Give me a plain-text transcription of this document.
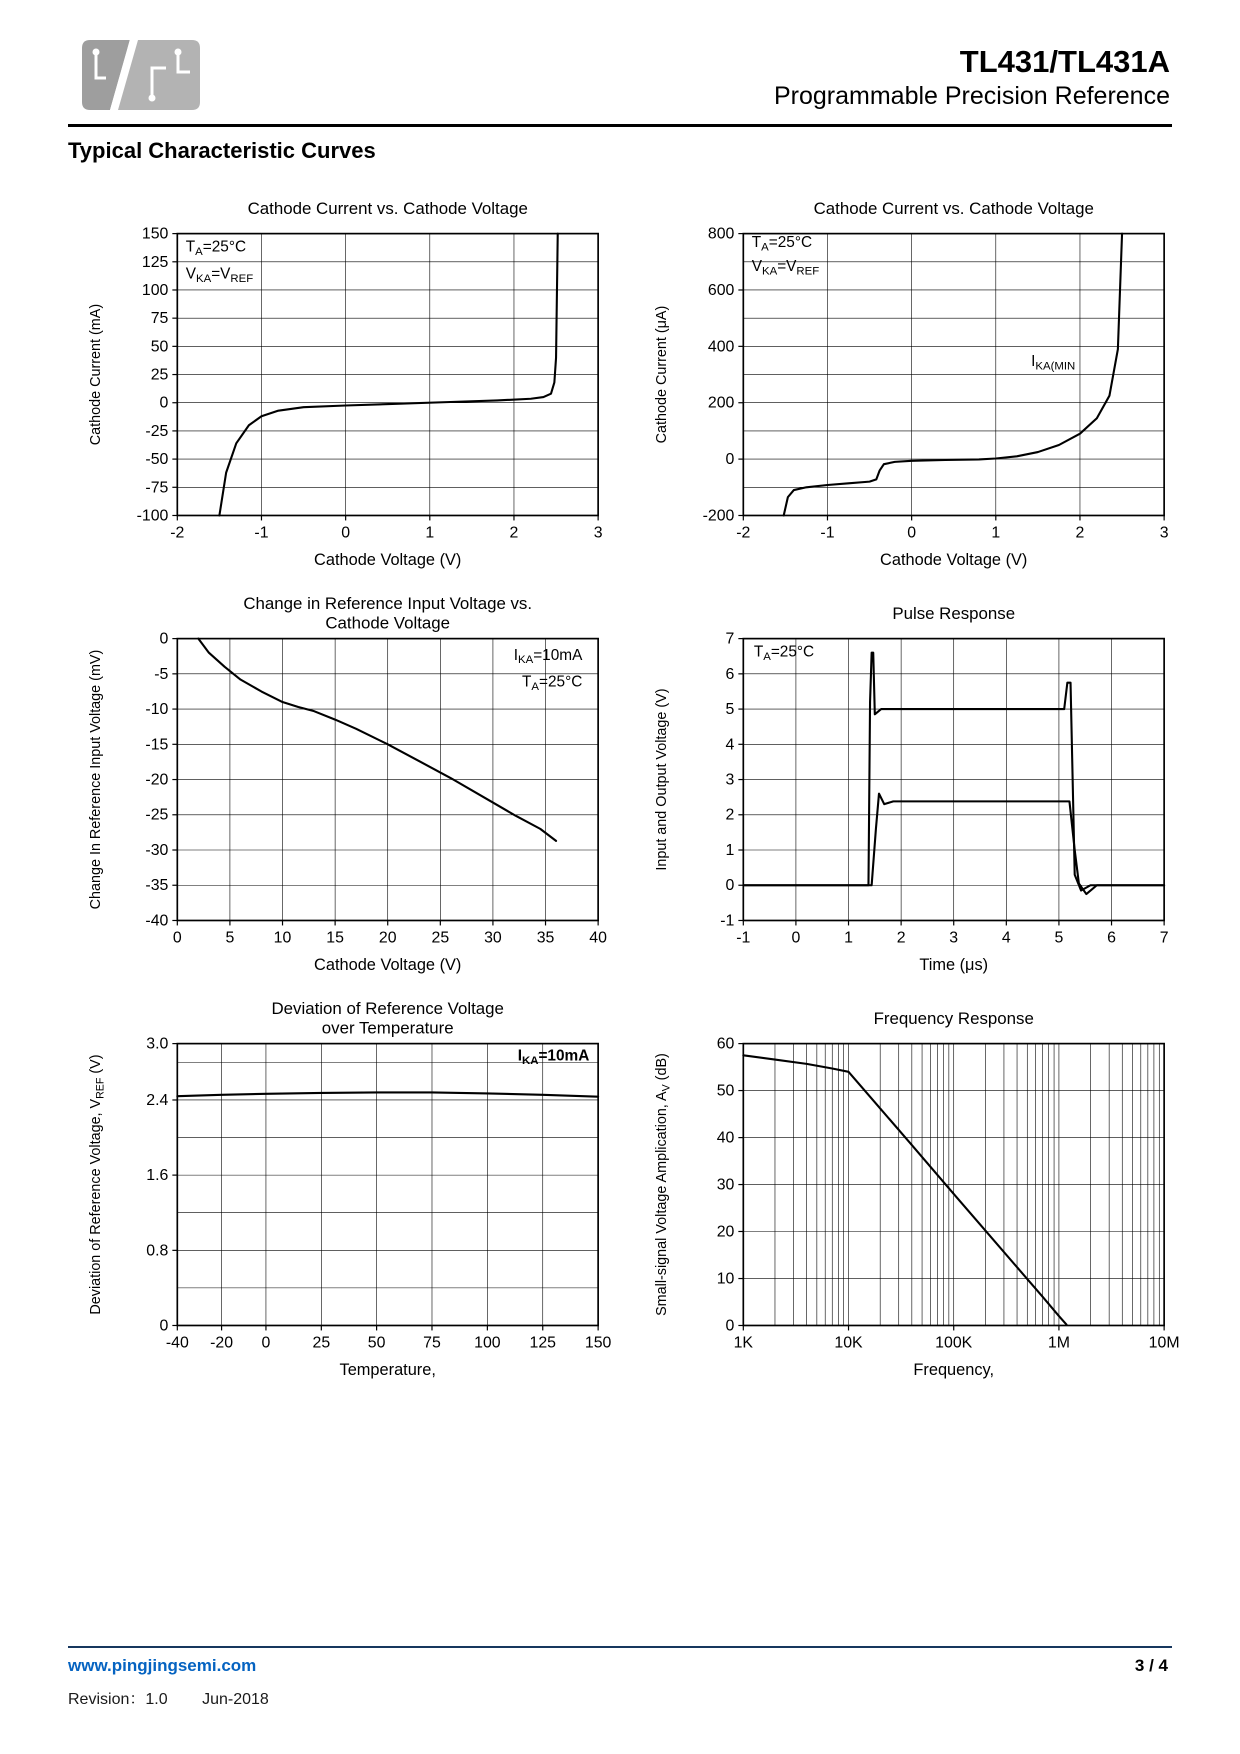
TL431/TL431A
Programmable Precision Reference
Typical Characteristic Curves
-2	-1	0	1	2	3
150
125
100
75
50
25
0
-25
-50
-75
-100
Cathode Current vs. Cathode Voltage
Cathode Voltage (V)
Cathode Current (mA)
$T_A=25^\circ C$
$V_{KA}=V_{REF}$
-2	-1	0	1	2	3
800
600
400
200
0
-200
Cathode Current vs. Cathode Voltage
Cathode Voltage (V)
Cathode Current (μA)
$T_A=25^\circ C$
$V_{KA}=V_{REF}$
$I_{KA(MIN}$
0	5 10 15 20 25 30 35 40
0
-5
-10
-15
-20
-25
-30
-35
-40
Change in Reference Input Voltage vs.
Cathode Voltage
Cathode Voltage (V)
Change In Reference Input Voltage (mV)	$I_{KA}=10mA$
$T_A=25^\circ C$
-1	0	1	2	3	4	5	6	7
7
6
5
4
3
2
1
0
-1
Pulse Response
Time (μs)
Input and Output Voltage (V)
$T_A=25^\circ C$
-40 -20 0	25 50 75 100 125 150
0
0.8
1.6
2.4
3.0
Deviation of Reference Voltage
over Temperature
Temperature,
Deviation of Reference Voltage, $V_{REF}$ (V)	$I_{KA}=10mA$
1K	10K	100K	1M	10M
60
50
40
30
20
10
0
Frequency Response
Frequency,
Small-signal Voltage Amplication, $A_V$ (dB)
www.pingjingsemi.com	3 / 4
Revision：1.0 Jun-2018
